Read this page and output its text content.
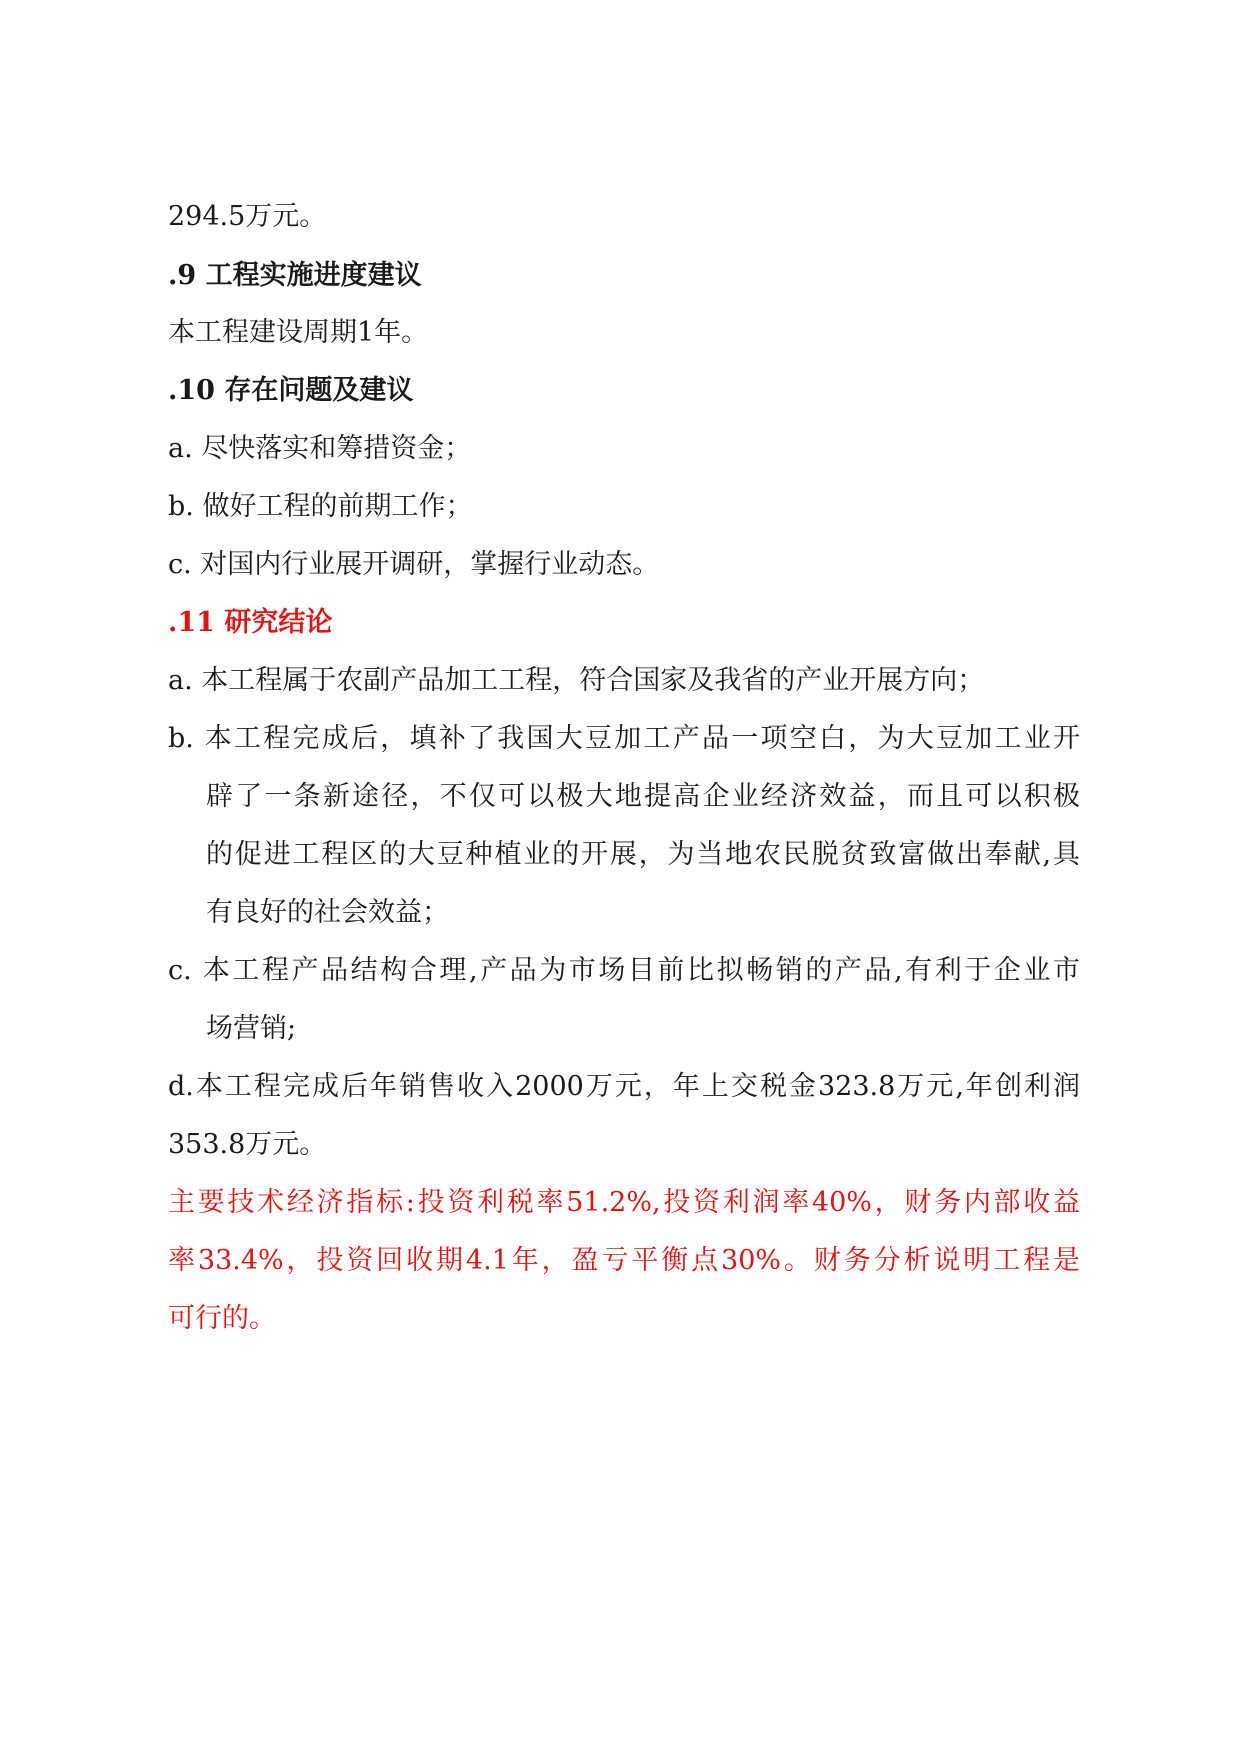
294.5万元。
.9 工程实施进度建议
本工程建设周期1年。
.10 存在问题及建议
a. 尽快落实和筹措资金；
b. 做好工程的前期工作；
c. 对国内行业展开调研，掌握行业动态。
.11 研究结论
a. 本工程属于农副产品加工工程，符合国家及我省的产业开展方向；
b. 本工程完成后，填补了我国大豆加工产品一项空白，为大豆加工业开
辟了一条新途径，不仅可以极大地提高企业经济效益，而且可以积极
的促进工程区的大豆种植业的开展，为当地农民脱贫致富做出奉献,具
有良好的社会效益；
c. 本工程产品结构合理,产品为市场目前比拟畅销的产品,有利于企业市
场营销;
d.本工程完成后年销售收入2000万元，年上交税金323.8万元,年创利润
353.8万元。
主要技术经济指标:投资利税率51.2%,投资利润率40%，财务内部收益
率33.4%，投资回收期4.1年，盈亏平衡点30%。财务分析说明工程是
可行的。
